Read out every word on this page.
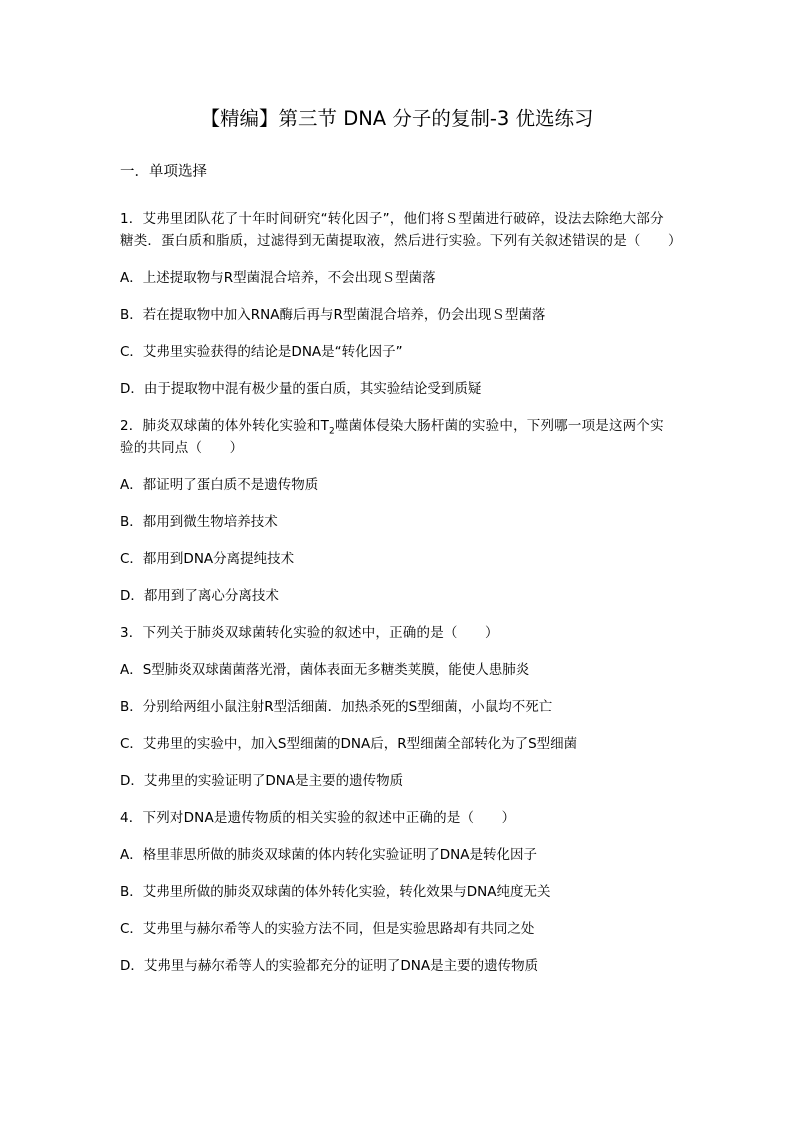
【精编】第三节 DNA 分子的复制-3 优选练习
一．单项选择

1．艾弗里团队花了十年时间研究“转化因子”，他们将Ｓ型菌进行破碎，设法去除绝大部分糖类．蛋白质和脂质，过滤得到无菌提取液，然后进行实验。下列有关叙述错误的是（　　）

A．上述提取物与R型菌混合培养，不会出现Ｓ型菌落

B．若在提取物中加入RNA酶后再与R型菌混合培养，仍会出现Ｓ型菌落

C．艾弗里实验获得的结论是DNA是“转化因子”

D．由于提取物中混有极少量的蛋白质，其实验结论受到质疑

2．肺炎双球菌的体外转化实验和$T_2$噬菌体侵染大肠杆菌的实验中，下列哪一项是这两个实验的共同点（　　）

A．都证明了蛋白质不是遗传物质

B．都用到微生物培养技术

C．都用到DNA分离提纯技术

D．都用到了离心分离技术

3．下列关于肺炎双球菌转化实验的叙述中，正确的是（　　）

A．S型肺炎双球菌菌落光滑，菌体表面无多糖类荚膜，能使人患肺炎

B．分别给两组小鼠注射R型活细菌．加热杀死的S型细菌，小鼠均不死亡

C．艾弗里的实验中，加入S型细菌的DNA后，R型细菌全部转化为了S型细菌

D．艾弗里的实验证明了DNA是主要的遗传物质

4．下列对DNA是遗传物质的相关实验的叙述中正确的是（　　）

A．格里菲思所做的肺炎双球菌的体内转化实验证明了DNA是转化因子

B．艾弗里所做的肺炎双球菌的体外转化实验，转化效果与DNA纯度无关

C．艾弗里与赫尔希等人的实验方法不同，但是实验思路却有共同之处

D．艾弗里与赫尔希等人的实验都充分的证明了DNA是主要的遗传物质
